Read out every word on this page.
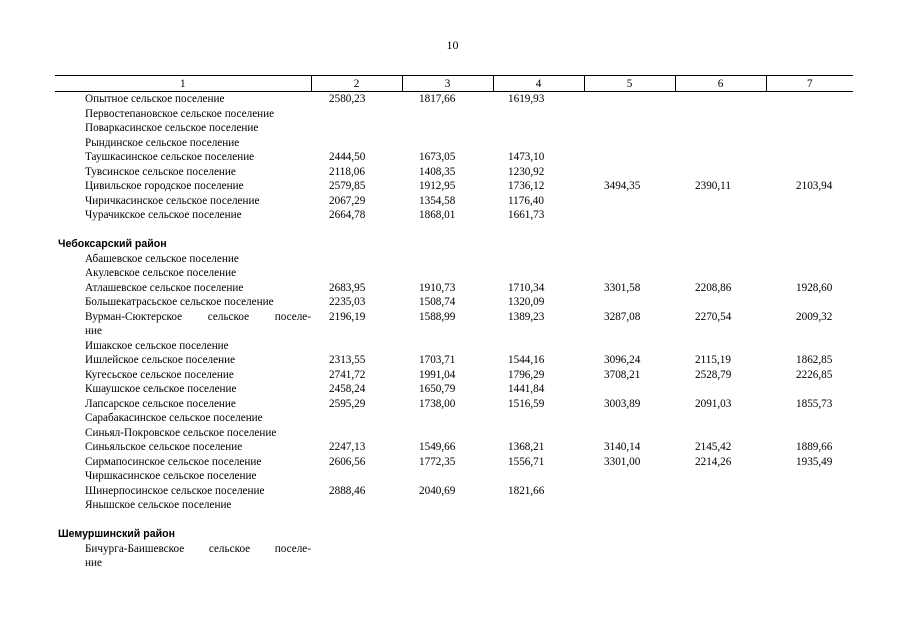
10
1	2	3	4	5	6	7
Опытное сельское поселение	2580,23	1817,66	1619,93			
Первостепановское сельское поселение						
Поваркасинское сельское поселение						
Рындинское сельское поселение						
Таушкасинское сельское поселение	2444,50	1673,05	1473,10			
Тувсинское сельское поселение	2118,06	1408,35	1230,92			
Цивильское городское поселение	2579,85	1912,95	1736,12	3494,35	2390,11	2103,94
Чиричкасинское сельское поселение	2067,29	1354,58	1176,40			
Чурачикское сельское поселение	2664,78	1868,01	1661,73			

Чебоксарский район						
Абашевское сельское поселение						
Акулевское сельское поселение						
Атлашевское сельское поселение	2683,95	1910,73	1710,34	3301,58	2208,86	1928,60
Большекатрасьское сельское поселение	2235,03	1508,74	1320,09			
Вурман-Сюктерское сельское поселе-	2196,19	1588,99	1389,23	3287,08	2270,54	2009,32
ние						
Ишакское сельское поселение						
Ишлейское сельское поселение	2313,55	1703,71	1544,16	3096,24	2115,19	1862,85
Кугесьское сельское поселение	2741,72	1991,04	1796,29	3708,21	2528,79	2226,85
Кшаушское сельское поселение	2458,24	1650,79	1441,84			
Лапсарское сельское поселение	2595,29	1738,00	1516,59	3003,89	2091,03	1855,73
Сарабакасинское сельское поселение						
Синьял-Покровское сельское поселение						
Синьяльское сельское поселение	2247,13	1549,66	1368,21	3140,14	2145,42	1889,66
Сирмапосинское сельское поселение	2606,56	1772,35	1556,71	3301,00	2214,26	1935,49
Чиршкасинское сельское поселение						
Шинерпосинское сельское поселение	2888,46	2040,69	1821,66			
Янышское сельское поселение						

Шемуршинский район						
Бичурга-Баишевское сельское поселе-						
ние						
